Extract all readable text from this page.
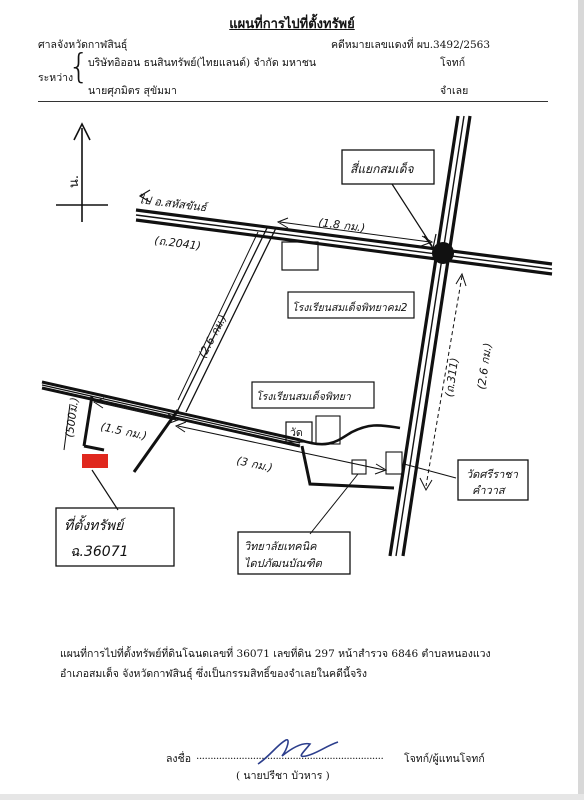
แผนที่การไปที่ตั้งทรัพย์
ศาลจังหวัดกาฬสินธุ์	คดีหมายเลขแดงที่ ผบ.3492/2563
ระหว่าง
{
บริษัทอิออน ธนสินทรัพย์(ไทยแลนด์) จำกัด มหาชน	โจทก์
นายศุภมิตร สุขัมมา	จำเลย
น.
สี่แยกสมเด็จ
ไป อ.สหัสขันธ์
(ถ.2041)
(1.8 กม.)
โรงเรียนสมเด็จพิทยาคม2
(2.6 กม.)
(2.6 กม.)
(ถ.311)
โรงเรียนสมเด็จพิทยา
วัด
(1.5 กม.)
(3 กม.)
(500ม.)
ที่ตั้งทรัพย์
ฉ.36071
วัดศรีราชา
คำวาส
วิทยาลัยเทคนิค
ไดปภัฒนบัณฑิต
แผนที่การไปที่ตั้งทรัพย์ที่ดินโฉนดเลขที่ 36071 เลขที่ดิน 297 หน้าสำรวจ 6846 ตำบลหนองแวง
อำเภอสมเด็จ จังหวัดกาฬสินธุ์ ซึ่งเป็นกรรมสิทธิ์ของจำเลยในคดีนี้จริง
ลงชื่อ .................................................................. โจทก์/ผู้แทนโจทก์
( นายปรีชา บัวหาร )
